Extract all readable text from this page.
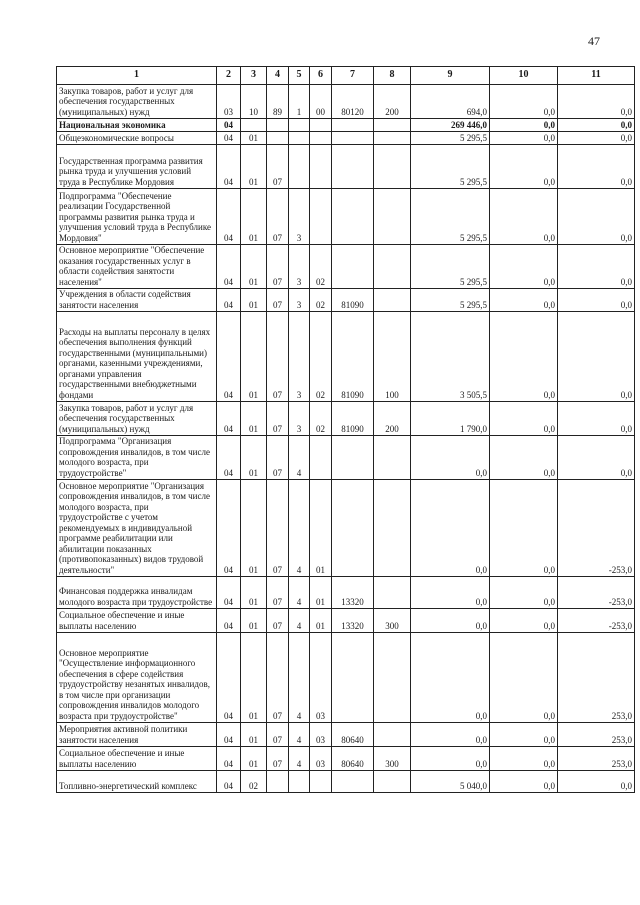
47
1	2	3	4	5	6	7	8	9	10	11
Закупка товаров, работ и услуг для обеспечения государственных (муниципальных) нужд	03	10	89	1	00	80120	200	694,0	0,0	0,0
Национальная экономика	04							269 446,0	0,0	0,0
Общеэкономические вопросы	04	01						5 295,5	0,0	0,0
Государственная программа развития рынка труда и улучшения условий труда в Республике Мордовия	04	01	07					5 295,5	0,0	0,0
Подпрограмма "Обеспечение реализации Государственной программы развития рынка труда и улучшения условий труда в Республике Мордовия"	04	01	07	3				5 295,5	0,0	0,0
Основное мероприятие "Обеспечение оказания государственных услуг в области содействия занятости населения"	04	01	07	3	02			5 295,5	0,0	0,0
Учреждения в области содействия занятости населения	04	01	07	3	02	81090		5 295,5	0,0	0,0
Расходы на выплаты персоналу в целях обеспечения выполнения функций государственными (муниципальными) органами, казенными учреждениями, органами управления государственными внебюджетными фондами	04	01	07	3	02	81090	100	3 505,5	0,0	0,0
Закупка товаров, работ и услуг для обеспечения государственных (муниципальных) нужд	04	01	07	3	02	81090	200	1 790,0	0,0	0,0
Подпрограмма "Организация сопровождения инвалидов, в том числе молодого возраста, при трудоустройстве"	04	01	07	4				0,0	0,0	0,0
Основное мероприятие "Организация сопровождения инвалидов, в том числе молодого возраста, при трудоустройстве с учетом рекомендуемых в индивидуальной программе реабилитации или абилитации показанных (противопоказанных) видов трудовой деятельности"	04	01	07	4	01			0,0	0,0	-253,0
Финансовая поддержка инвалидам молодого возраста при трудоустройстве	04	01	07	4	01	13320		0,0	0,0	-253,0
Социальное обеспечение и иные выплаты населению	04	01	07	4	01	13320	300	0,0	0,0	-253,0
Основное мероприятие "Осуществление информационного обеспечения в сфере содействия трудоустройству незанятых инвалидов, в том числе при организации сопровождения инвалидов молодого возраста при трудоустройстве"	04	01	07	4	03			0,0	0,0	253,0
Мероприятия активной политики занятости населения	04	01	07	4	03	80640		0,0	0,0	253,0
Социальное обеспечение и иные выплаты населению	04	01	07	4	03	80640	300	0,0	0,0	253,0
Топливно-энергетический комплекс	04	02						5 040,0	0,0	0,0
